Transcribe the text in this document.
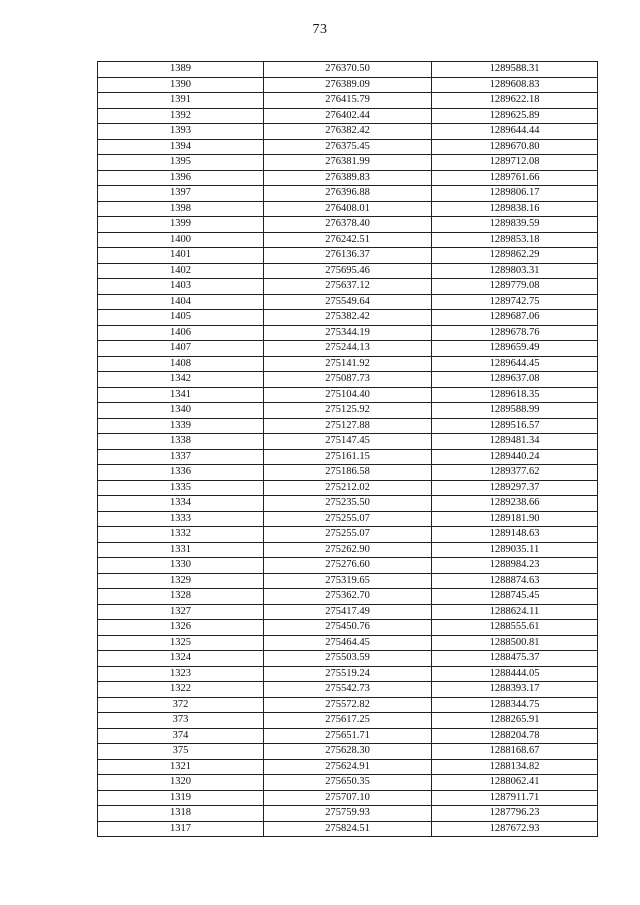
73
1389	276370.50	1289588.31
1390	276389.09	1289608.83
1391	276415.79	1289622.18
1392	276402.44	1289625.89
1393	276382.42	1289644.44
1394	276375.45	1289670.80
1395	276381.99	1289712.08
1396	276389.83	1289761.66
1397	276396.88	1289806.17
1398	276408.01	1289838.16
1399	276378.40	1289839.59
1400	276242.51	1289853.18
1401	276136.37	1289862.29
1402	275695.46	1289803.31
1403	275637.12	1289779.08
1404	275549.64	1289742.75
1405	275382.42	1289687.06
1406	275344.19	1289678.76
1407	275244.13	1289659.49
1408	275141.92	1289644.45
1342	275087.73	1289637.08
1341	275104.40	1289618.35
1340	275125.92	1289588.99
1339	275127.88	1289516.57
1338	275147.45	1289481.34
1337	275161.15	1289440.24
1336	275186.58	1289377.62
1335	275212.02	1289297.37
1334	275235.50	1289238.66
1333	275255.07	1289181.90
1332	275255.07	1289148.63
1331	275262.90	1289035.11
1330	275276.60	1288984.23
1329	275319.65	1288874.63
1328	275362.70	1288745.45
1327	275417.49	1288624.11
1326	275450.76	1288555.61
1325	275464.45	1288500.81
1324	275503.59	1288475.37
1323	275519.24	1288444.05
1322	275542.73	1288393.17
372	275572.82	1288344.75
373	275617.25	1288265.91
374	275651.71	1288204.78
375	275628.30	1288168.67
1321	275624.91	1288134.82
1320	275650.35	1288062.41
1319	275707.10	1287911.71
1318	275759.93	1287796.23
1317	275824.51	1287672.93
